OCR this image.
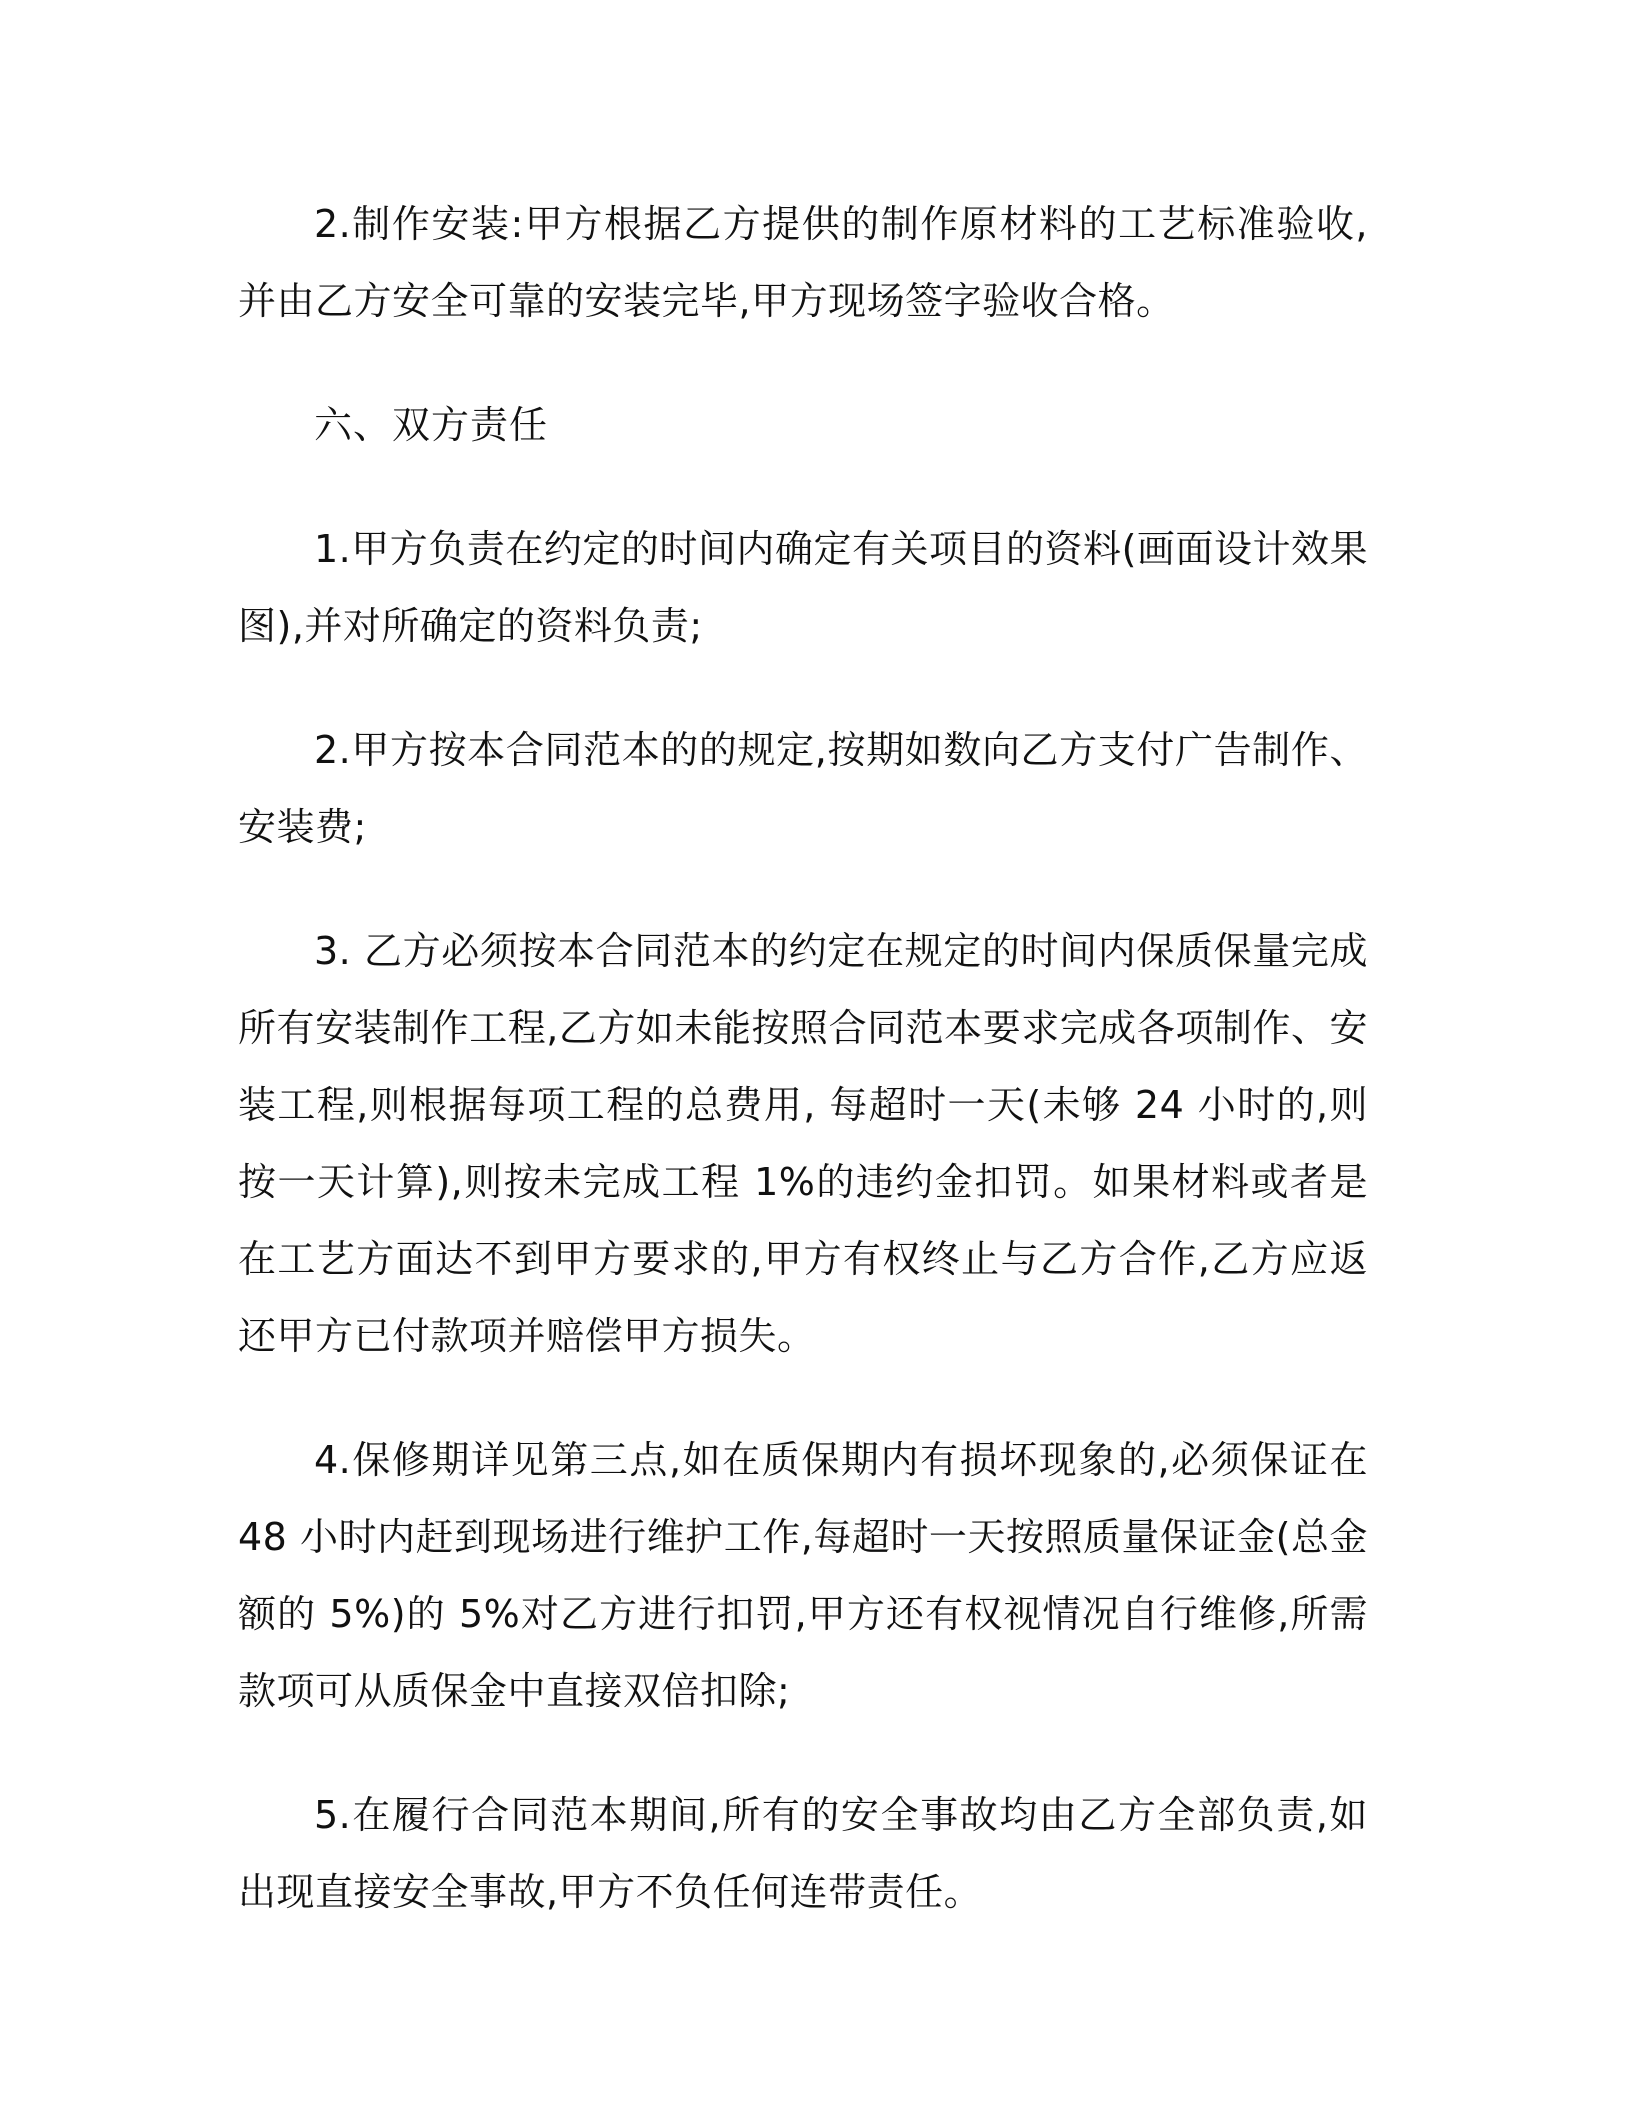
2.制作安装:甲方根据乙方提供的制作原材料的工艺标准验收,并由乙方安全可靠的安装完毕,甲方现场签字验收合格。

六、双方责任

1.甲方负责在约定的时间内确定有关项目的资料(画面设计效果图),并对所确定的资料负责;

2.甲方按本合同范本的的规定,按期如数向乙方支付广告制作、安装费;

3. 乙方必须按本合同范本的约定在规定的时间内保质保量完成所有安装制作工程,乙方如未能按照合同范本要求完成各项制作、安装工程,则根据每项工程的总费用, 每超时一天(未够 24 小时的,则按一天计算),则按未完成工程 1%的违约金扣罚。如果材料或者是在工艺方面达不到甲方要求的,甲方有权终止与乙方合作,乙方应返还甲方已付款项并赔偿甲方损失。

4.保修期详见第三点,如在质保期内有损坏现象的,必须保证在 48 小时内赶到现场进行维护工作,每超时一天按照质量保证金(总金额的 5%)的 5%对乙方进行扣罚,甲方还有权视情况自行维修,所需款项可从质保金中直接双倍扣除;

5.在履行合同范本期间,所有的安全事故均由乙方全部负责,如出现直接安全事故,甲方不负任何连带责任。
